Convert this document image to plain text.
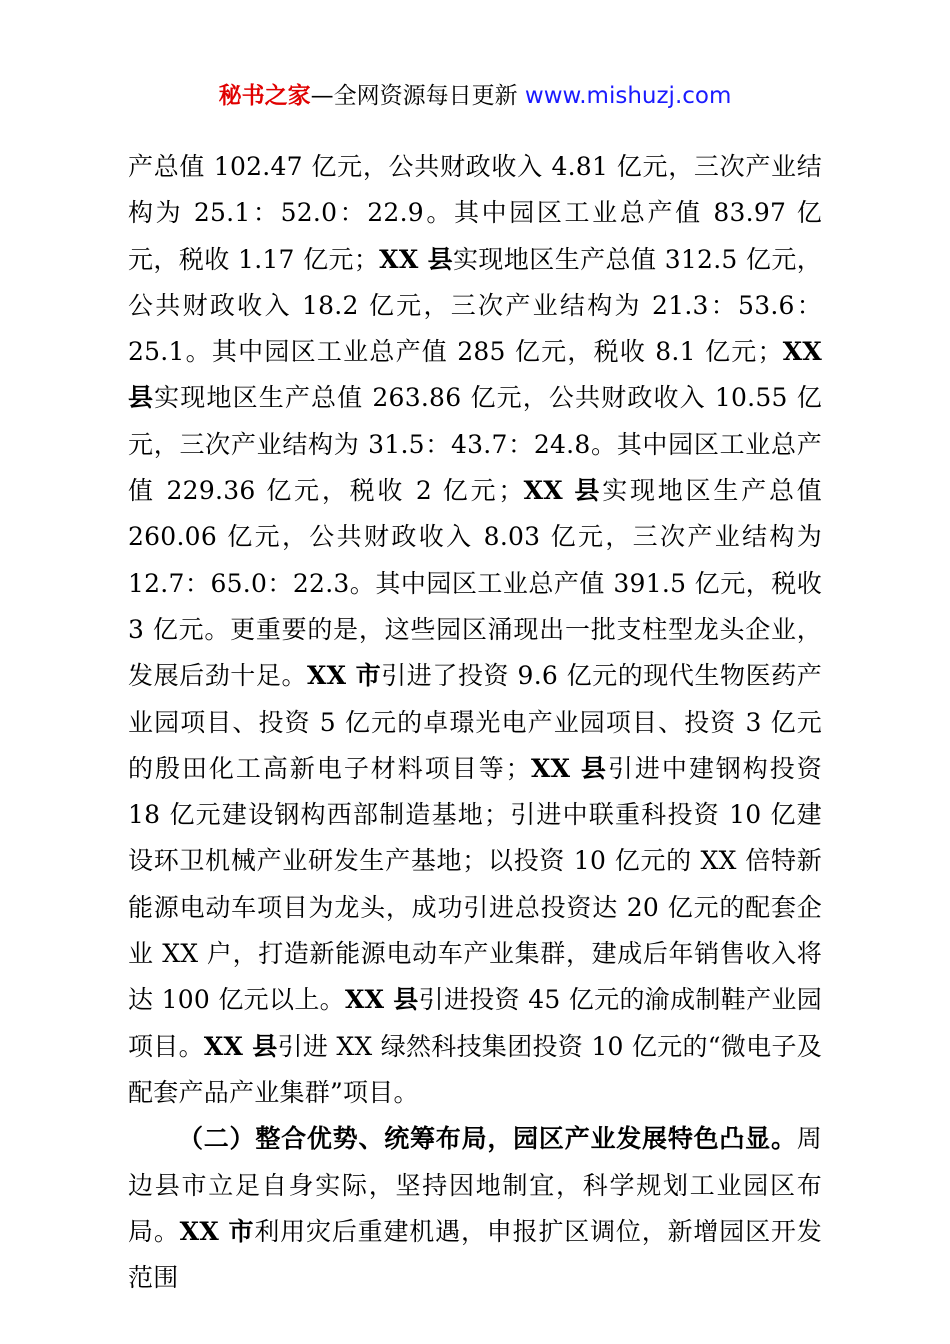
秘书之家—全网资源每日更新 www.mishuzj.com

产总值 102.47 亿元，公共财政收入 4.81 亿元，三次产业结构为 25.1：52.0：22.9。其中园区工业总产值 83.97 亿元，税收 1.17 亿元；XX 县实现地区生产总值 312.5 亿元，公共财政收入 18.2 亿元，三次产业结构为 21.3：53.6：25.1。其中园区工业总产值 285 亿元，税收 8.1 亿元；XX 县实现地区生产总值 263.86 亿元，公共财政收入 10.55 亿元，三次产业结构为 31.5：43.7：24.8。其中园区工业总产值 229.36 亿元，税收 2 亿元；XX 县实现地区生产总值 260.06 亿元，公共财政收入 8.03 亿元，三次产业结构为 12.7：65.0：22.3。其中园区工业总产值 391.5 亿元，税收 3 亿元。更重要的是，这些园区涌现出一批支柱型龙头企业，发展后劲十足。XX 市引进了投资 9.6 亿元的现代生物医药产业园项目、投资 5 亿元的卓璟光电产业园项目、投资 3 亿元的殷田化工高新电子材料项目等；XX 县引进中建钢构投资 18 亿元建设钢构西部制造基地；引进中联重科投资 10 亿建设环卫机械产业研发生产基地；以投资 10 亿元的 XX 倍特新能源电动车项目为龙头，成功引进总投资达 20 亿元的配套企业 XX 户，打造新能源电动车产业集群，建成后年销售收入将达 100 亿元以上。XX 县引进投资 45 亿元的渝成制鞋产业园项目。XX 县引进 XX 绿然科技集团投资 10 亿元的“微电子及配套产品产业集群”项目。

（二）整合优势、统筹布局，园区产业发展特色凸显。周边县市立足自身实际，坚持因地制宜，科学规划工业园区布局。XX 市利用灾后重建机遇，申报扩区调位，新增园区开发范围
